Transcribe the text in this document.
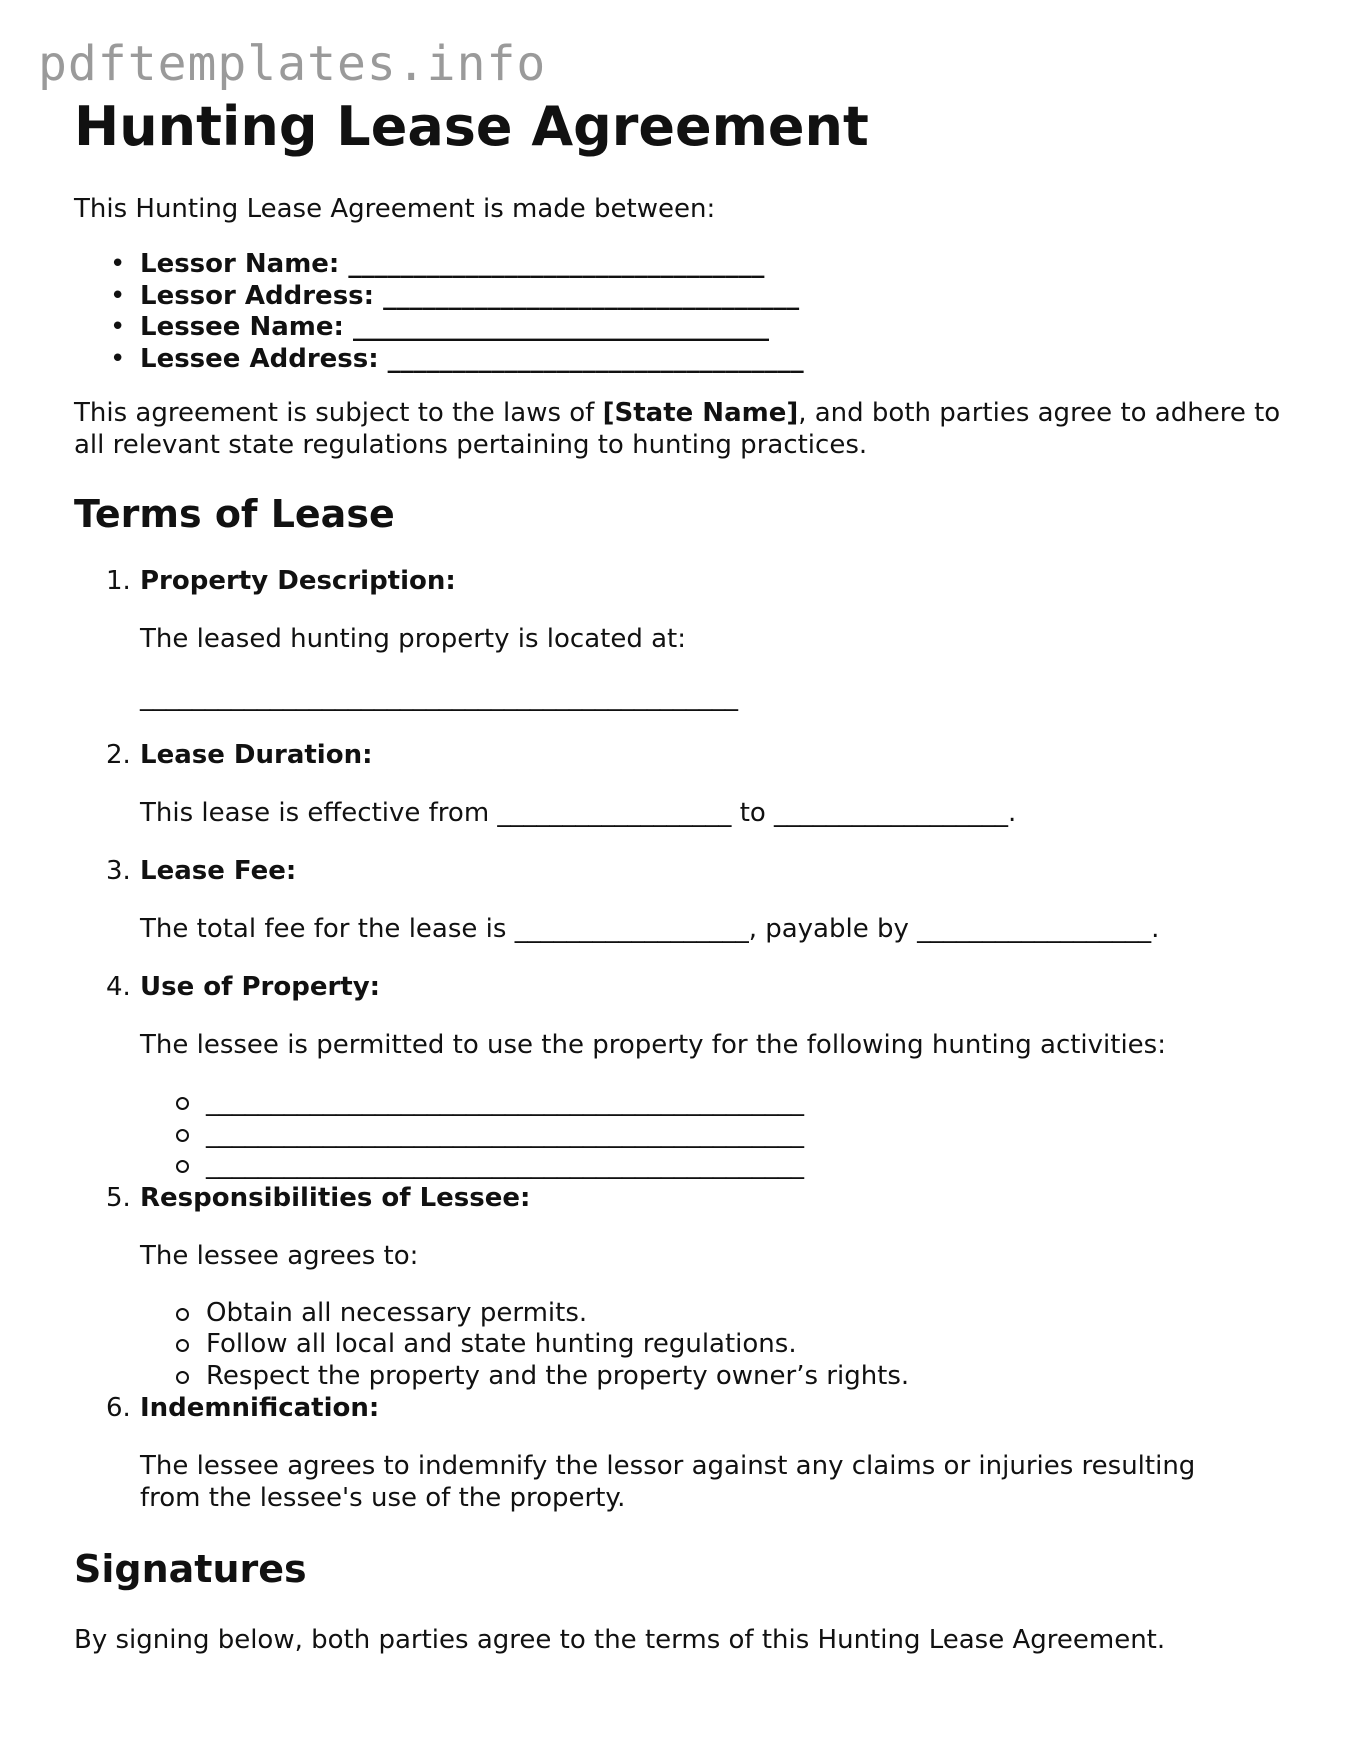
pdftemplates.info
Hunting Lease Agreement

This Hunting Lease Agreement is made between:

• Lessor Name: ________________________________
• Lessor Address: ________________________________
• Lessee Name: ________________________________
• Lessee Address: ________________________________

This agreement is subject to the laws of [State Name], and both parties agree to adhere to all relevant state regulations pertaining to hunting practices.

Terms of Lease
1. Property Description:
The leased hunting property is located at:
______________________________________________
2. Lease Duration:
This lease is effective from __________________ to __________________.
3. Lease Fee:
The total fee for the lease is __________________, payable by __________________.
4. Use of Property:
The lessee is permitted to use the property for the following hunting activities:
______________________________________________
______________________________________________
______________________________________________
5. Responsibilities of Lessee:
The lessee agrees to:
Obtain all necessary permits.
Follow all local and state hunting regulations.
Respect the property and the property owner’s rights.
6. Indemnification:
The lessee agrees to indemnify the lessor against any claims or injuries resulting from the lessee's use of the property.
Signatures

By signing below, both parties agree to the terms of this Hunting Lease Agreement.
